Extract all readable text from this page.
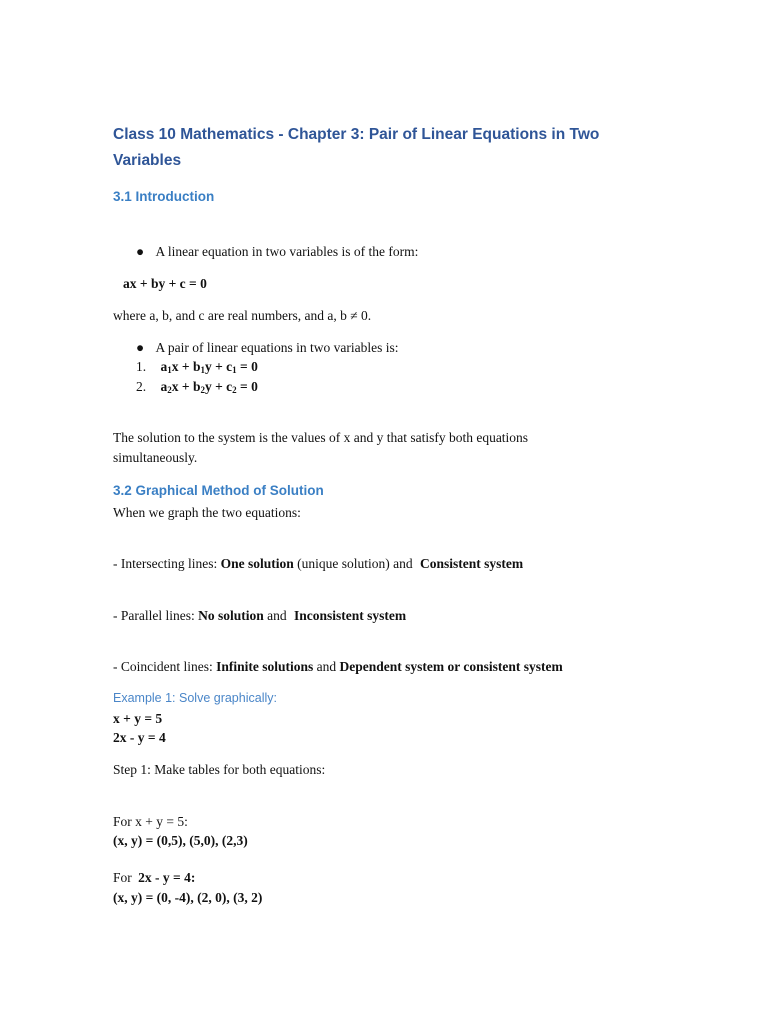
Class 10 Mathematics - Chapter 3: Pair of Linear Equations in Two
Variables
3.1 Introduction
● A linear equation in two variables is of the form:
ax + by + c = 0
where a, b, and c are real numbers, and a, b ≠ 0.
● A pair of linear equations in two variables is:
1. $a_1x + b_1y + c_1 = 0$
2. $a_2x + b_2y + c_2 = 0$
The solution to the system is the values of x and y that satisfy both equations
simultaneously.
3.2 Graphical Method of Solution
When we graph the two equations:
- Intersecting lines: One solution (unique solution) and Consistent system
- Parallel lines: No solution and Inconsistent system
- Coincident lines: Infinite solutions and Dependent system or consistent system
Example 1: Solve graphically:
x + y = 5
2x - y = 4
Step 1: Make tables for both equations:
For x + y = 5:
(x, y) = (0,5), (5,0), (2,3)
For 2x - y = 4:
(x, y) = (0, -4), (2, 0), (3, 2)
